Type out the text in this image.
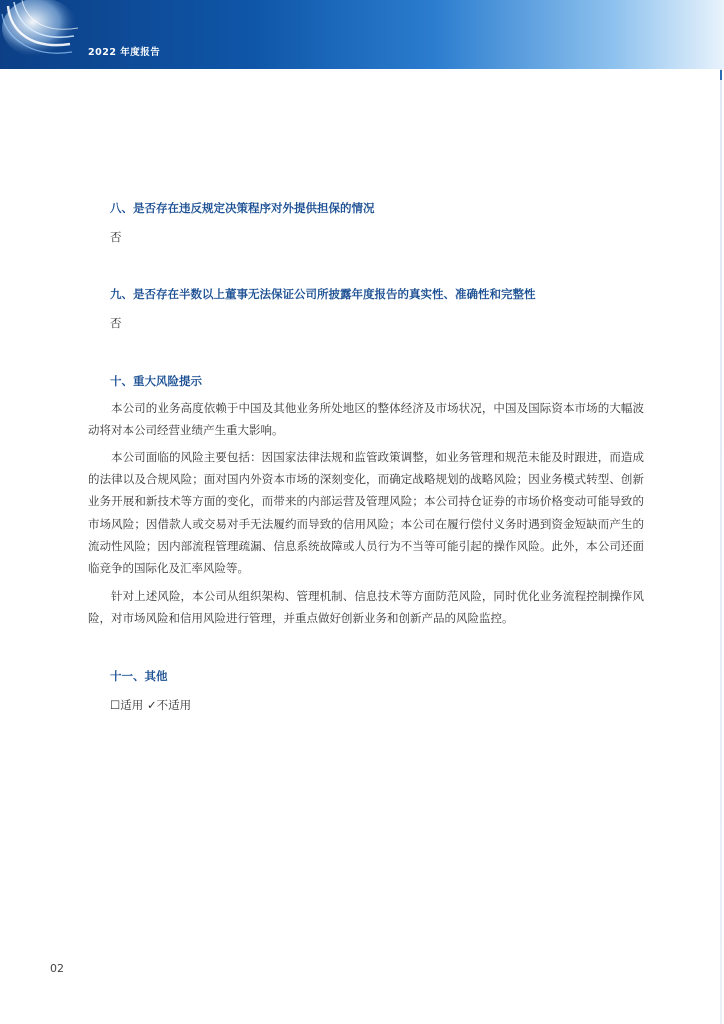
2022 年度报告
八、是否存在违反规定决策程序对外提供担保的情况
否
九、是否存在半数以上董事无法保证公司所披露年度报告的真实性、准确性和完整性
否
十、重大风险提示

本公司的业务高度依赖于中国及其他业务所处地区的整体经济及市场状况，中国及国际资本市场的大幅波动将对本公司经营业绩产生重大影响。

本公司面临的风险主要包括：因国家法律法规和监管政策调整，如业务管理和规范未能及时跟进，而造成的法律以及合规风险；面对国内外资本市场的深刻变化，而确定战略规划的战略风险；因业务模式转型、创新业务开展和新技术等方面的变化，而带来的内部运营及管理风险；本公司持仓证券的市场价格变动可能导致的市场风险；因借款人或交易对手无法履约而导致的信用风险；本公司在履行偿付义务时遇到资金短缺而产生的流动性风险；因内部流程管理疏漏、信息系统故障或人员行为不当等可能引起的操作风险。此外，本公司还面临竞争的国际化及汇率风险等。

针对上述风险，本公司从组织架构、管理机制、信息技术等方面防范风险，同时优化业务流程控制操作风险，对市场风险和信用风险进行管理，并重点做好创新业务和创新产品的风险监控。

十一、其他
☐适用 ✓不适用
02
